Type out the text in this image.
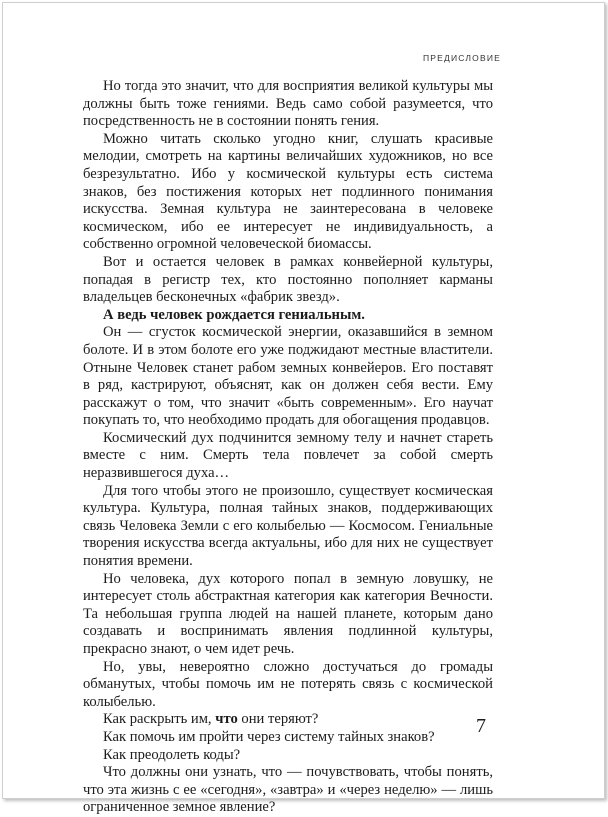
ПРЕДИСЛОВИЕ

Но тогда это значит, что для восприятия великой культуры мы должны быть тоже гениями. Ведь само собой разумеется, что посредственность не в состоянии понять гения.

Можно читать сколько угодно книг, слушать красивые мелодии, смотреть на картины величайших художников, но все безрезультатно. Ибо у космической культуры есть система знаков, без постижения которых нет подлинного понимания искусства. Земная культура не заинтересована в человеке космическом, ибо ее интересует не индивидуальность, а собственно огромной человеческой биомассы.

Вот и остается человек в рамках конвейерной культуры, попадая в регистр тех, кто постоянно пополняет карманы владельцев бесконечных «фабрик звезд».

А ведь человек рождается гениальным.

Он — сгусток космической энергии, оказавшийся в земном болоте. И в этом болоте его уже поджидают местные властители. Отныне Человек станет рабом земных конвейеров. Его поставят в ряд, кастрируют, объяснят, как он должен себя вести. Ему расскажут о том, что значит «быть современным». Его научат покупать то, что необходимо продать для обогащения продавцов.

Космический дух подчинится земному телу и начнет стареть вместе с ним. Смерть тела повлечет за собой смерть неразвившегося духа…

Для того чтобы этого не произошло, существует космическая культура. Культура, полная тайных знаков, поддерживающих связь Человека Земли с его колыбелью — Космосом. Гениальные творения искусства всегда актуальны, ибо для них не существует понятия времени.

Но человека, дух которого попал в земную ловушку, не интересует столь абстрактная категория как категория Вечности. Та небольшая группа людей на нашей планете, которым дано создавать и воспринимать явления подлинной культуры, прекрасно знают, о чем идет речь.

Но, увы, невероятно сложно достучаться до громады обманутых, чтобы помочь им не потерять связь с космической колыбелью.

Как раскрыть им, что они теряют?

Как помочь им пройти через систему тайных знаков?

Как преодолеть коды?

Что должны они узнать, что — почувствовать, чтобы понять, что эта жизнь с ее «сегодня», «завтра» и «через неделю» — лишь ограниченное земное явление?

7
